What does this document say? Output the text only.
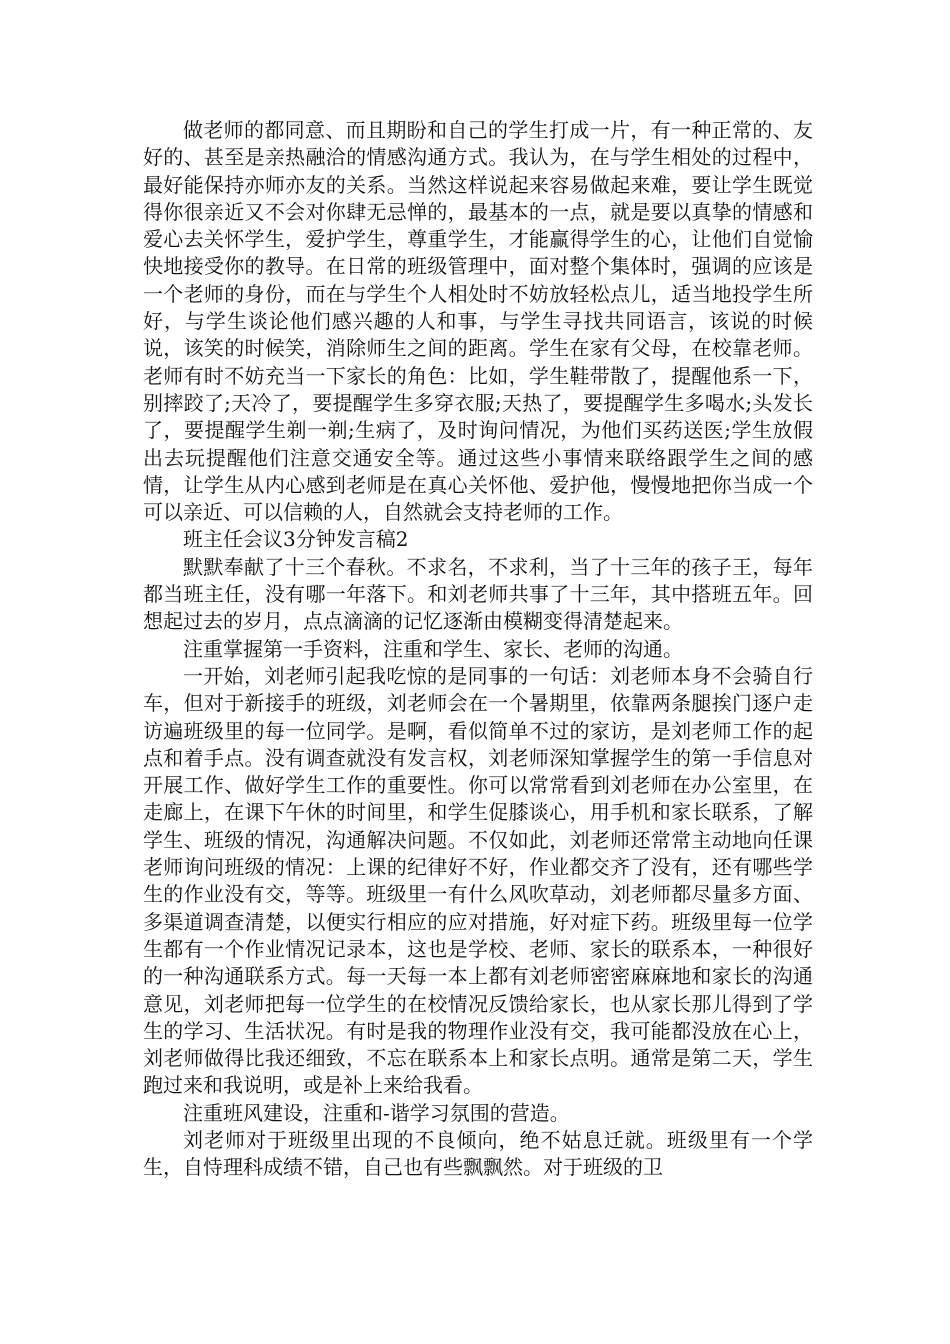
做老师的都同意、而且期盼和自己的学生打成一片，有一种正常的、友好的、甚至是亲热融洽的情感沟通方式。我认为，在与学生相处的过程中，最好能保持亦师亦友的关系。当然这样说起来容易做起来难，要让学生既觉得你很亲近又不会对你肆无忌惮的，最基本的一点，就是要以真挚的情感和爱心去关怀学生，爱护学生，尊重学生，才能赢得学生的心，让他们自觉愉快地接受你的教导。在日常的班级管理中，面对整个集体时，强调的应该是一个老师的身份，而在与学生个人相处时不妨放轻松点儿，适当地投学生所好，与学生谈论他们感兴趣的人和事，与学生寻找共同语言，该说的时候说，该笑的时候笑，消除师生之间的距离。学生在家有父母，在校靠老师。老师有时不妨充当一下家长的角色：比如，学生鞋带散了，提醒他系一下，别摔跤了;天冷了，要提醒学生多穿衣服;天热了，要提醒学生多喝水;头发长了，要提醒学生剃一剃;生病了，及时询问情况，为他们买药送医;学生放假出去玩提醒他们注意交通安全等。通过这些小事情来联络跟学生之间的感情，让学生从内心感到老师是在真心关怀他、爱护他，慢慢地把你当成一个可以亲近、可以信赖的人，自然就会支持老师的工作。

班主任会议3分钟发言稿2

默默奉献了十三个春秋。不求名，不求利，当了十三年的孩子王，每年都当班主任，没有哪一年落下。和刘老师共事了十三年，其中搭班五年。回想起过去的岁月，点点滴滴的记忆逐渐由模糊变得清楚起来。

注重掌握第一手资料，注重和学生、家长、老师的沟通。

一开始，刘老师引起我吃惊的是同事的一句话：刘老师本身不会骑自行车，但对于新接手的班级，刘老师会在一个暑期里，依靠两条腿挨门逐户走访遍班级里的每一位同学。是啊，看似简单不过的家访，是刘老师工作的起点和着手点。没有调查就没有发言权，刘老师深知掌握学生的第一手信息对开展工作、做好学生工作的重要性。你可以常常看到刘老师在办公室里，在走廊上，在课下午休的时间里，和学生促膝谈心，用手机和家长联系，了解学生、班级的情况，沟通解决问题。不仅如此，刘老师还常常主动地向任课老师询问班级的情况：上课的纪律好不好，作业都交齐了没有，还有哪些学生的作业没有交，等等。班级里一有什么风吹草动，刘老师都尽量多方面、多渠道调查清楚，以便实行相应的应对措施，好对症下药。班级里每一位学生都有一个作业情况记录本，这也是学校、老师、家长的联系本，一种很好的一种沟通联系方式。每一天每一本上都有刘老师密密麻麻地和家长的沟通意见，刘老师把每一位学生的在校情况反馈给家长，也从家长那儿得到了学生的学习、生活状况。有时是我的物理作业没有交，我可能都没放在心上，刘老师做得比我还细致，不忘在联系本上和家长点明。通常是第二天，学生跑过来和我说明，或是补上来给我看。

注重班风建设，注重和-谐学习氛围的营造。

刘老师对于班级里出现的不良倾向，绝不姑息迁就。班级里有一个学生，自恃理科成绩不错，自己也有些飘飘然。对于班级的卫
